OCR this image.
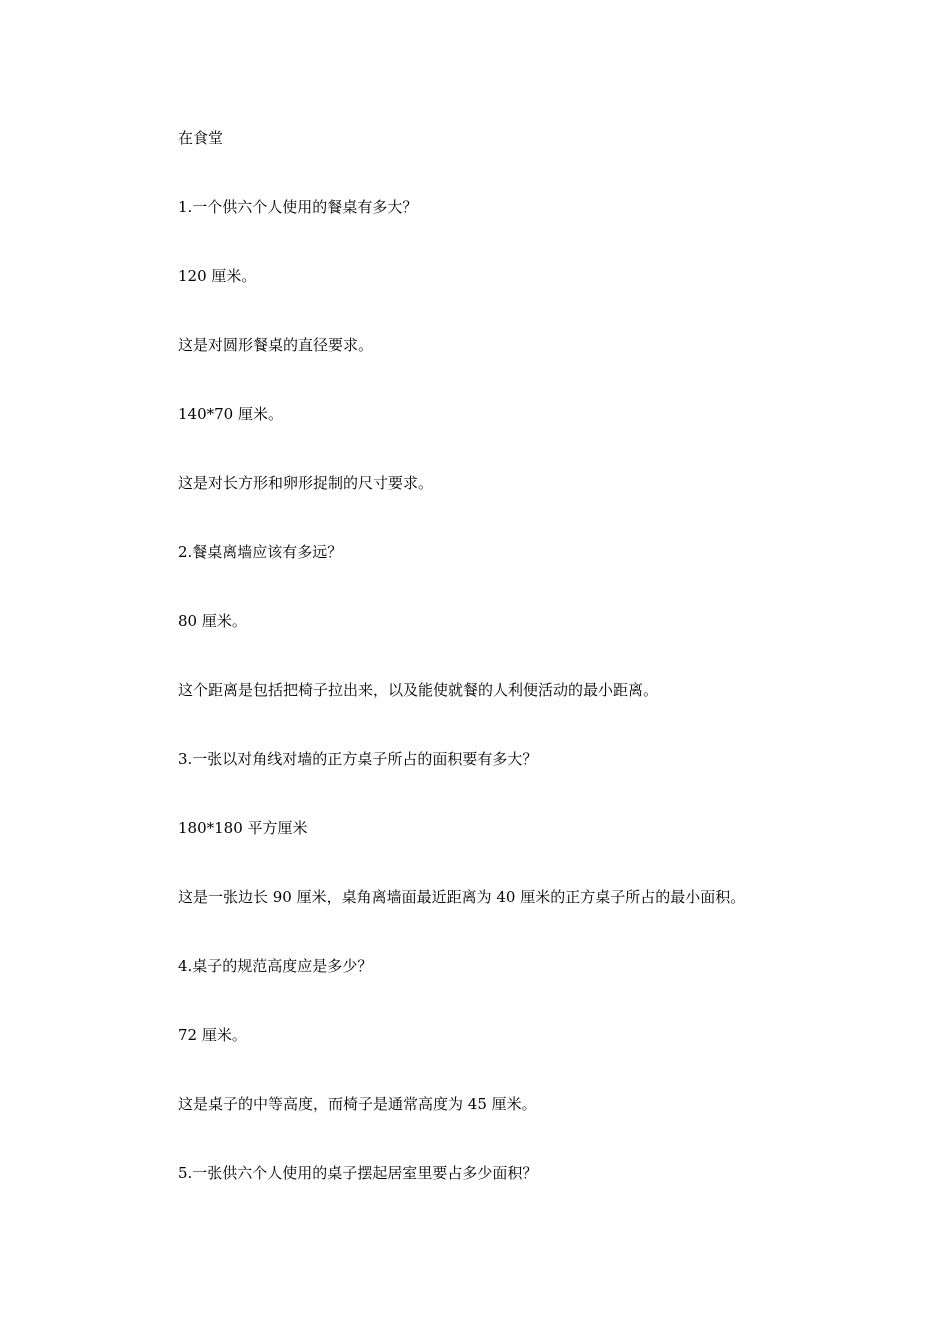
在食堂

1.一个供六个人使用的餐桌有多大？

120 厘米。

这是对圆形餐桌的直径要求。

140*70 厘米。

这是对长方形和卵形捉制的尺寸要求。

2.餐桌离墙应该有多远？

80 厘米。

这个距离是包括把椅子拉出来，以及能使就餐的人利便活动的最小距离。

3.一张以对角线对墙的正方桌子所占的面积要有多大？

180*180 平方厘米

这是一张边长 90 厘米，桌角离墙面最近距离为 40 厘米的正方桌子所占的最小面积。

4.桌子的规范高度应是多少？

72 厘米。

这是桌子的中等高度，而椅子是通常高度为 45 厘米。

5.一张供六个人使用的桌子摆起居室里要占多少面积？
